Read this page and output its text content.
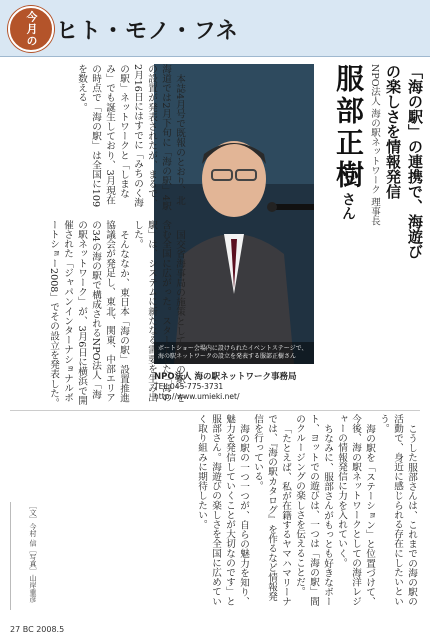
今月の ヒト・モノ・フネ
「海の駅」の連携で、海遊びの楽しさを情報発信
NPO法人 海の駅ネットワーク 理事長
服部正樹さん
ボートショー会場内に設けられたイベントステージで、海の駅ネットワークの設立を発表する服部正樹さん
NPO法人 海の駅ネットワーク事務局
TEL:045-775-3731
http://www.umieki.net/

本誌4月号で既報のとおり、北海道では2月下旬に「海の駅」4駅の設置が発表されたが、まるで、2月16日にはすでに「みちのく海の駅」ネットワークと「しまなみ」でも誕生しており、3月現在の時点で「海の駅」は全国に109を数える。

国交省海事局の施策として「海の駅」を含む全国に広がった。スタートした「海の駅」は、システムに新たなる需要を生み出した。

そんななか、東日本「海の駅」設置推進協議会が発足し、東北、関東、中部エリアの34の海の駅で構成されるNPO法人「海の駅ネットワーク」が、3月6日に横浜で開催された「ジャパンインターナショナルボートショー2008」でその設立を発表した。

こうした服部さんは、これまでの海の駅の活動で、身近に感じられる存在にしたいという。

海の駅を「ステーション」と位置づけて、今後、海の駅ネットワークとしての海洋レジャーの情報発信に力を入れていく。

ちなみに、服部さんがもっとも好きなボート、ヨットでの遊びは、一つは「海の駅」間のクルージングの楽しさを伝えることだ。

「たとえば、私が在籍するヤマハマリーナでは、『海の駅カタログ』を作るなど情報発信を行っている。

海の駅の一つ一つが、自らの魅力を知り、魅力を発信していくことが大切なのです」と服部さん。海遊びの楽しさを全国に広めていく取り組みに期待したい。

［文］今村 信［写真］山岸重彦
27 BC 2008.5
